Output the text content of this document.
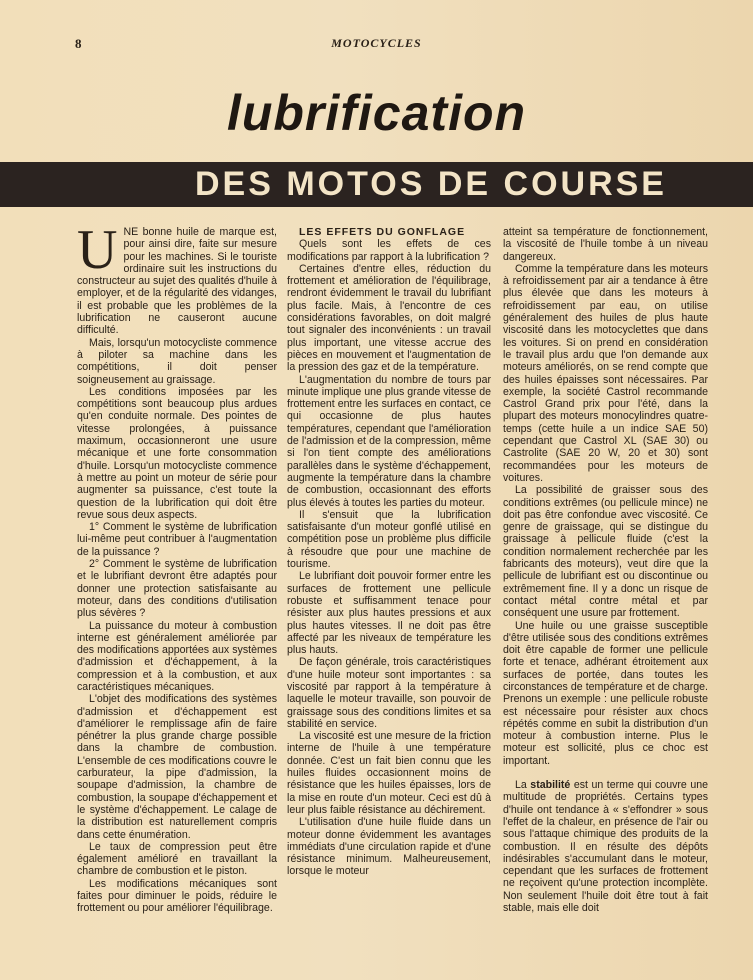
8	MOTOCYCLES
lubrification
DES MOTOS DE COURSE
U NE bonne huile de marque est, pour ainsi dire, faite sur mesure pour les machines. Si le touriste ordinaire suit les instructions du constructeur au sujet des qualités d'huile à employer, et de la régularité des vidanges, il est probable que les problèmes de la lubrification ne causeront aucune difficulté.

Mais, lorsqu'un motocycliste commence à piloter sa machine dans les compétitions, il doit penser soigneusement au graissage.

Les conditions imposées par les compétitions sont beaucoup plus ardues qu'en conduite normale. Des pointes de vitesse prolongées, à puissance maximum, occasionneront une usure mécanique et une forte consommation d'huile. Lorsqu'un motocycliste commence à mettre au point un moteur de série pour augmenter sa puissance, c'est toute la question de la lubrification qui doit être revue sous deux aspects.

1° Comment le système de lubrification lui-même peut contribuer à l'augmentation de la puissance ?

2° Comment le système de lubrification et le lubrifiant devront être adaptés pour donner une protection satisfaisante au moteur, dans des conditions d'utilisation plus sévères ?

La puissance du moteur à combustion interne est généralement améliorée par des modifications apportées aux systèmes d'admission et d'échappement, à la compression et à la combustion, et aux caractéristiques mécaniques.

L'objet des modifications des systèmes d'admission et d'échappement est d'améliorer le remplissage afin de faire pénétrer la plus grande charge possible dans la chambre de combustion. L'ensemble de ces modifications couvre le carburateur, la pipe d'admission, la soupape d'admission, la chambre de combustion, la soupape d'échappement et le système d'échappement. Le calage de la distribution est naturellement compris dans cette énumération.

Le taux de compression peut être également amélioré en travaillant la chambre de combustion et le piston.

Les modifications mécaniques sont faites pour diminuer le poids, réduire le frottement ou pour améliorer l'équilibrage.

LES EFFETS DU GONFLAGE

Quels sont les effets de ces modifications par rapport à la lubrification ?

Certaines d'entre elles, réduction du frottement et amélioration de l'équilibrage, rendront évidemment le travail du lubrifiant plus facile. Mais, à l'encontre de ces considérations favorables, on doit malgré tout signaler des inconvénients : un travail plus important, une vitesse accrue des pièces en mouvement et l'augmentation de la pression des gaz et de la température.

L'augmentation du nombre de tours par minute implique une plus grande vitesse de frottement entre les surfaces en contact, ce qui occasionne de plus hautes températures, cependant que l'amélioration de l'admission et de la compression, même si l'on tient compte des améliorations parallèles dans le système d'échappement, augmente la température dans la chambre de combustion, occasionnant des efforts plus élevés à toutes les parties du moteur.

Il s'ensuit que la lubrification satisfaisante d'un moteur gonflé utilisé en compétition pose un problème plus difficile à résoudre que pour une machine de tourisme.

Le lubrifiant doit pouvoir former entre les surfaces de frottement une pellicule robuste et suffisamment tenace pour résister aux plus hautes pressions et aux plus hautes vitesses. Il ne doit pas être affecté par les niveaux de température les plus hauts.

De façon générale, trois caractéristiques d'une huile moteur sont importantes : sa viscosité par rapport à la température à laquelle le moteur travaille, son pouvoir de graissage sous des conditions limites et sa stabilité en service.

La viscosité est une mesure de la friction interne de l'huile à une température donnée. C'est un fait bien connu que les huiles fluides occasionnent moins de résistance que les huiles épaisses, lors de la mise en route d'un moteur. Ceci est dû à leur plus faible résistance au déchirement.

L'utilisation d'une huile fluide dans un moteur donne évidemment les avantages immédiats d'une circulation rapide et d'une résistance minimum. Malheureusement, lorsque le moteur

atteint sa température de fonctionnement, la viscosité de l'huile tombe à un niveau dangereux.

Comme la température dans les moteurs à refroidissement par air a tendance à être plus élevée que dans les moteurs à refroidissement par eau, on utilise généralement des huiles de plus haute viscosité dans les motocyclettes que dans les voitures. Si on prend en considération le travail plus ardu que l'on demande aux moteurs améliorés, on se rend compte que des huiles épaisses sont nécessaires. Par exemple, la société Castrol recommande Castrol Grand prix pour l'été, dans la plupart des moteurs monocylindres quatre-temps (cette huile a un indice SAE 50) cependant que Castrol XL (SAE 30) ou Castrolite (SAE 20 W, 20 et 30) sont recommandées pour les moteurs de voitures.

La possibilité de graisser sous des conditions extrêmes (ou pellicule mince) ne doit pas être confondue avec viscosité. Ce genre de graissage, qui se distingue du graissage à pellicule fluide (c'est la condition normalement recherchée par les fabricants des moteurs), veut dire que la pellicule de lubrifiant est ou discontinue ou extrêmement fine. Il y a donc un risque de contact métal contre métal et par conséquent une usure par frottement.

Une huile ou une graisse susceptible d'être utilisée sous des conditions extrêmes doit être capable de former une pellicule forte et tenace, adhérant étroitement aux surfaces de portée, dans toutes les circonstances de température et de charge. Prenons un exemple : une pellicule robuste est nécessaire pour résister aux chocs répétés comme en subit la distribution d'un moteur à combustion interne. Plus le moteur est sollicité, plus ce choc est important.

La stabilité est un terme qui couvre une multitude de propriétés. Certains types d'huile ont tendance à « s'effondrer » sous l'effet de la chaleur, en présence de l'air ou sous l'attaque chimique des produits de la combustion. Il en résulte des dépôts indésirables s'accumulant dans le moteur, cependant que les surfaces de frottement ne reçoivent qu'une protection incomplète. Non seulement l'huile doit être tout à fait stable, mais elle doit
